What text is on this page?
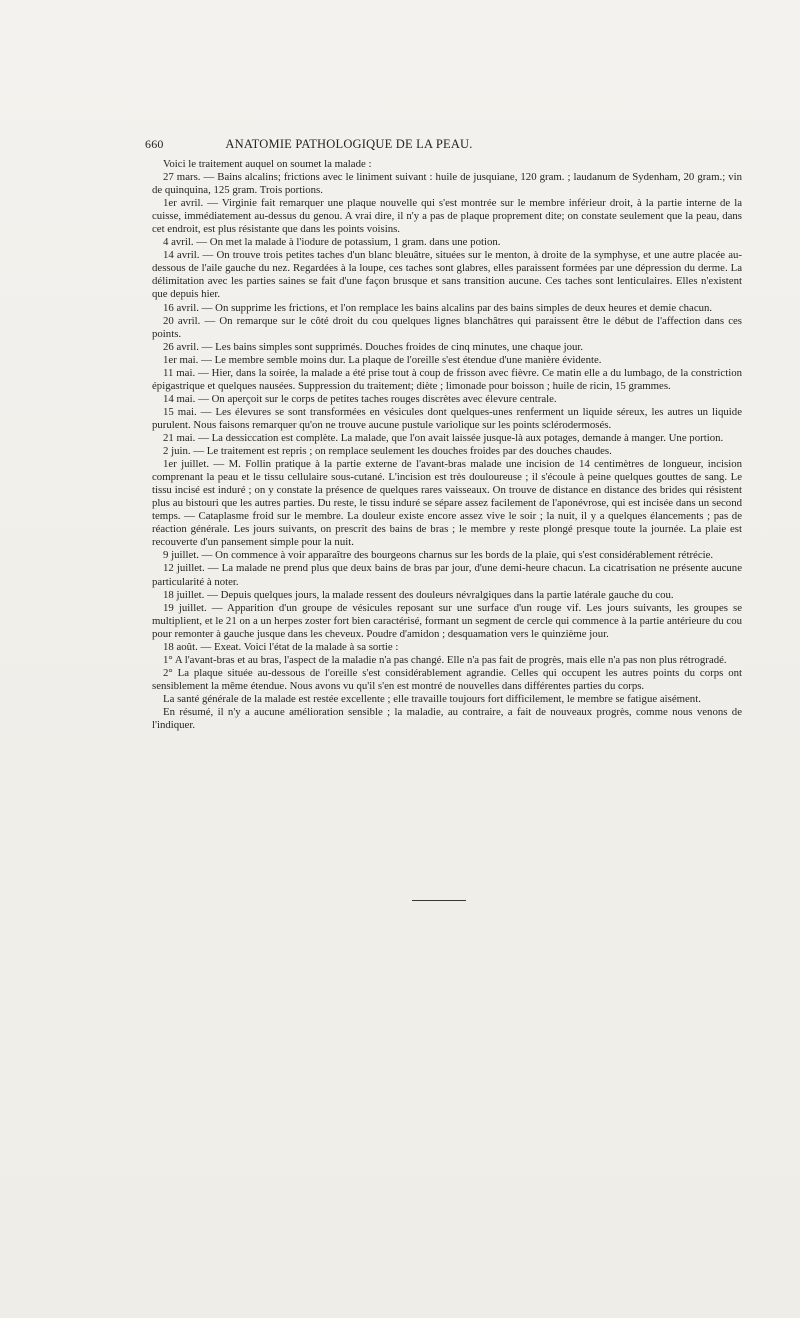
660	ANATOMIE PATHOLOGIQUE DE LA PEAU.

Voici le traitement auquel on soumet la malade :

27 mars. — Bains alcalins; frictions avec le liniment suivant : huile de jusquiane, 120 gram. ; laudanum de Sydenham, 20 gram.; vin de quinquina, 125 gram. Trois portions.

1er avril. — Virginie fait remarquer une plaque nouvelle qui s'est montrée sur le membre inférieur droit, à la partie interne de la cuisse, immédiatement au-dessus du genou. A vrai dire, il n'y a pas de plaque proprement dite; on constate seulement que la peau, dans cet endroit, est plus résistante que dans les points voisins.

4 avril. — On met la malade à l'iodure de potassium, 1 gram. dans une potion.

14 avril. — On trouve trois petites taches d'un blanc bleuâtre, situées sur le menton, à droite de la symphyse, et une autre placée au-dessous de l'aile gauche du nez. Regardées à la loupe, ces taches sont glabres, elles paraissent formées par une dépression du derme. La délimitation avec les parties saines se fait d'une façon brusque et sans transition aucune. Ces taches sont lenticulaires. Elles n'existent que depuis hier.

16 avril. — On supprime les frictions, et l'on remplace les bains alcalins par des bains simples de deux heures et demie chacun.

20 avril. — On remarque sur le côté droit du cou quelques lignes blanchâtres qui paraissent être le début de l'affection dans ces points.

26 avril. — Les bains simples sont supprimés. Douches froides de cinq minutes, une chaque jour.

1er mai. — Le membre semble moins dur. La plaque de l'oreille s'est étendue d'une manière évidente.

11 mai. — Hier, dans la soirée, la malade a été prise tout à coup de frisson avec fièvre. Ce matin elle a du lumbago, de la constriction épigastrique et quelques nausées. Suppression du traitement; diète ; limonade pour boisson ; huile de ricin, 15 grammes.

14 mai. — On aperçoit sur le corps de petites taches rouges discrètes avec élevure centrale.

15 mai. — Les élevures se sont transformées en vésicules dont quelques-unes renferment un liquide séreux, les autres un liquide purulent. Nous faisons remarquer qu'on ne trouve aucune pustule variolique sur les points sclérodermosés.

21 mai. — La dessiccation est complète. La malade, que l'on avait laissée jusque-là aux potages, demande à manger. Une portion.

2 juin. — Le traitement est repris ; on remplace seulement les douches froides par des douches chaudes.

1er juillet. — M. Follin pratique à la partie externe de l'avant-bras malade une incision de 14 centimètres de longueur, incision comprenant la peau et le tissu cellulaire sous-cutané. L'incision est très douloureuse ; il s'écoule à peine quelques gouttes de sang. Le tissu incisé est induré ; on y constate la présence de quelques rares vaisseaux. On trouve de distance en distance des brides qui résistent plus au bistouri que les autres parties. Du reste, le tissu induré se sépare assez facilement de l'aponévrose, qui est incisée dans un second temps. — Cataplasme froid sur le membre. La douleur existe encore assez vive le soir ; la nuit, il y a quelques élancements ; pas de réaction générale. Les jours suivants, on prescrit des bains de bras ; le membre y reste plongé presque toute la journée. La plaie est recouverte d'un pansement simple pour la nuit.

9 juillet. — On commence à voir apparaître des bourgeons charnus sur les bords de la plaie, qui s'est considérablement rétrécie.

12 juillet. — La malade ne prend plus que deux bains de bras par jour, d'une demi-heure chacun. La cicatrisation ne présente aucune particularité à noter.

18 juillet. — Depuis quelques jours, la malade ressent des douleurs névralgiques dans la partie latérale gauche du cou.

19 juillet. — Apparition d'un groupe de vésicules reposant sur une surface d'un rouge vif. Les jours suivants, les groupes se multiplient, et le 21 on a un herpes zoster fort bien caractérisé, formant un segment de cercle qui commence à la partie antérieure du cou pour remonter à gauche jusque dans les cheveux. Poudre d'amidon ; desquamation vers le quinzième jour.

18 août. — Exeat. Voici l'état de la malade à sa sortie :

1° A l'avant-bras et au bras, l'aspect de la maladie n'a pas changé. Elle n'a pas fait de progrès, mais elle n'a pas non plus rétrogradé.

2° La plaque située au-dessous de l'oreille s'est considérablement agrandie. Celles qui occupent les autres points du corps ont sensiblement la même étendue. Nous avons vu qu'il s'en est montré de nouvelles dans différentes parties du corps.

La santé générale de la malade est restée excellente ; elle travaille toujours fort difficilement, le membre se fatigue aisément.

En résumé, il n'y a aucune amélioration sensible ; la maladie, au contraire, a fait de nouveaux progrès, comme nous venons de l'indiquer.
